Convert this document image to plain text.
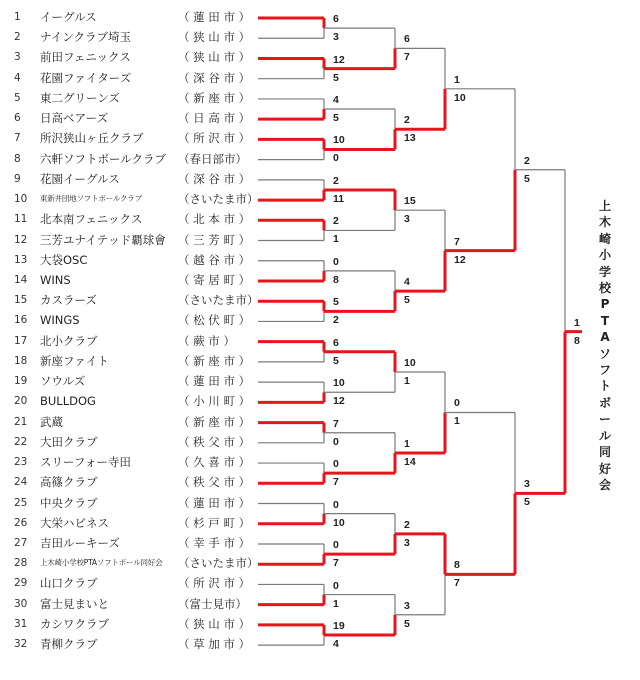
1	イーグルス	（ 蓮 田 市 ）
2	ナインクラブ埼玉	（ 狭 山 市 ）
3	前田フェニックス	（ 狭 山 市 ）
4	花園ファイターズ	（ 深 谷 市 ）
5	東二グリーンズ	（ 新 座 市 ）
6	日高ベアーズ	（ 日 高 市 ）
7	所沢狭山ヶ丘クラブ	（ 所 沢 市 ）
8	六軒ソフトボールクラブ （春日部市）
9	花園イーグルス	（ 深 谷 市 ）
10	東新井団地ソフトボールクラブ	（さいたま市）
11	北本南フェニックス	（ 北 本 市 ）
12	三芳ユナイテッド覇球會 （ 三 芳 町 ）
13	大袋OSC	（ 越 谷 市 ）
14	WINS	（ 寄 居 町 ）
15	カスラーズ	（さいたま市）
16	WINGS	（ 松 伏 町 ）
17	北小クラブ	（ 蕨 市 ）
18	新座ファイト	（ 新 座 市 ）
19	ソウルズ	（ 蓮 田 市 ）
20	BULLDOG	（ 小 川 町 ）
21	武蔵	（ 新 座 市 ）
22	大田クラブ	（ 秩 父 市 ）
23	スリーフォー寺田	（ 久 喜 市 ）
24	高篠クラブ	（ 秩 父 市 ）
25	中央クラブ	（ 蓮 田 市 ）
26	大栄ハビネス	（ 杉 戸 町 ）
27	吉田ルーキーズ	（ 幸 手 市 ）
28	上木崎小学校PTAソフトボール同好会 （さいたま市）
29	山口クラブ	（ 所 沢 市 ）
30	富士見まいと	（富士見市）
31	カシワクラブ	（ 狭 山 市 ）
32	青柳クラブ	（ 草 加 市 ）
6
3
12
5
4
5
10
0
2
11
2
1
0
8
5
2
6
5
10
12
7
0
0
7
0
10
0
7
0
1
19
4
6
7
2
13
15
3
4
5
10
1
1
14
2
3
3
5
1
10
7
12
0
1
8
7
2
5
3
5
1
8
上木崎小学校PTAソフトボール同好会
